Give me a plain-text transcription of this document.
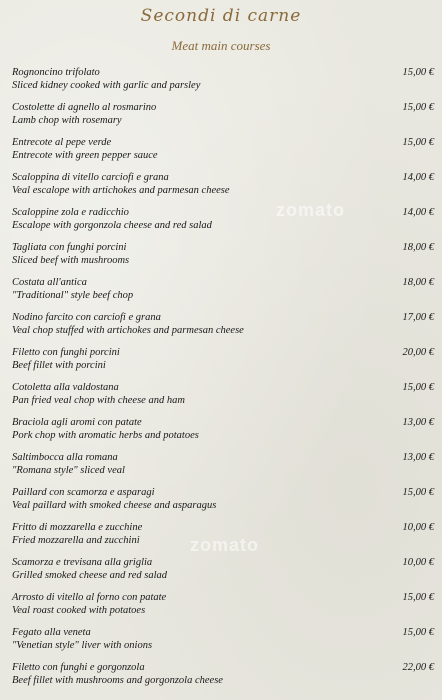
Secondi di carne
Meat main courses
zomato
zomato
Rognoncino trifolato
Sliced kidney cooked with garlic and parsley
15,00 €
Costolette di agnello al rosmarino
Lamb chop with rosemary
15,00 €
Entrecote al pepe verde
Entrecote with green pepper sauce
15,00 €
Scaloppina di vitello carciofi e grana
Veal escalope with artichokes and parmesan cheese
14,00 €
Scaloppine zola e radicchio
Escalope with gorgonzola cheese and red salad
14,00 €
Tagliata con funghi porcini
Sliced beef with mushrooms
18,00 €
Costata all'antica
"Traditional" style beef chop
18,00 €
Nodino farcito con carciofi e grana
Veal chop stuffed with artichokes and parmesan cheese
17,00 €
Filetto con funghi porcini
Beef fillet with porcini
20,00 €
Cotoletta alla valdostana
Pan fried veal chop with cheese and ham
15,00 €
Braciola agli aromi con patate
Pork chop with aromatic herbs and potatoes
13,00 €
Saltimbocca alla romana
"Romana style" sliced veal
13,00 €
Paillard con scamorza e asparagi
Veal paillard with smoked cheese and asparagus
15,00 €
Fritto di mozzarella e zucchine
Fried mozzarella and zucchini
10,00 €
Scamorza e trevisana alla griglia
Grilled smoked cheese and red salad
10,00 €
Arrosto di vitello al forno con patate
Veal roast cooked with potatoes
15,00 €
Fegato alla veneta
"Venetian style" liver with onions
15,00 €
Filetto con funghi e gorgonzola
Beef fillet with mushrooms and gorgonzola cheese
22,00 €
